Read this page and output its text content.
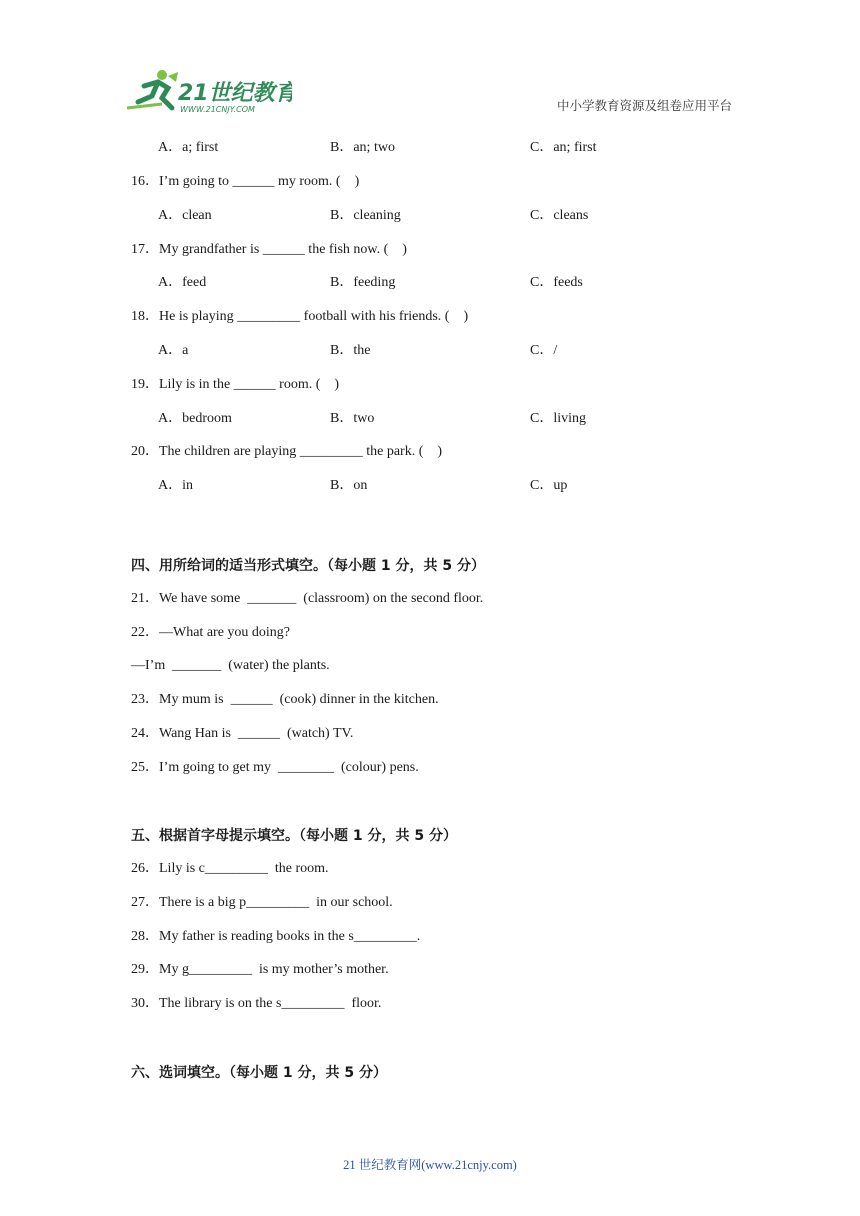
21世纪教育
WWW.21CNJY.COM	中小学教育资源及组卷应用平台
A．a; first	B．an; two	C．an; first
16．I’m going to ______ my room. (    )
A．clean	B．cleaning	C．cleans
17．My grandfather is ______ the fish now. (    )
A．feed	B．feeding	C．feeds
18．He is playing _________ football with his friends. (    )
A．a	B．the	C．/
19．Lily is in the ______ room. (    )
A．bedroom	B．two	C．living
20．The children are playing _________ the park. (    )
A．in	B．on	C．up
四、用所给词的适当形式填空。（每小题 1 分，共 5 分）
21．We have some  _______  (classroom) on the second floor.
22．—What are you doing?
—I’m  _______  (water) the plants.
23．My mum is  ______  (cook) dinner in the kitchen.
24．Wang Han is  ______  (watch) TV.
25．I’m going to get my  ________  (colour) pens.
五、根据首字母提示填空。（每小题 1 分，共 5 分）
26．Lily is c_________  the room.
27．There is a big p_________  in our school.
28．My father is reading books in the s_________.
29．My g_________  is my mother’s mother.
30．The library is on the s_________  floor.
六、选词填空。（每小题 1 分，共 5 分）
21 世纪教育网(www.21cnjy.com)
